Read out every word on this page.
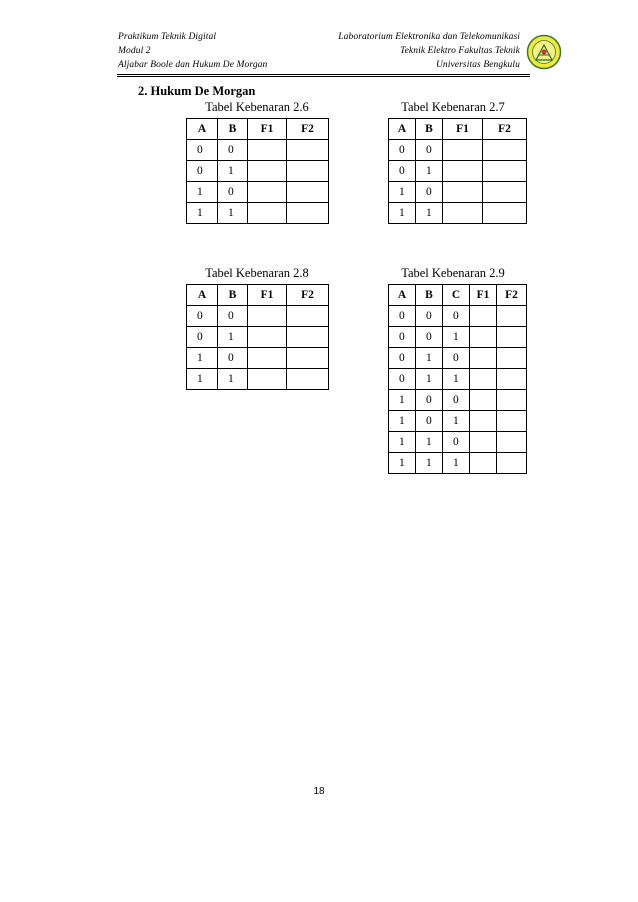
Praktikum Teknik Digital
Modul 2
Aljabar Boole dan Hukum De Morgan
Laboratorium Elektronika dan Telekomunikasi
Teknik Elektro Fakultas Teknik
Universitas Bengkulu
2. Hukum De Morgan
Tabel Kebenaran 2.6
A	B	F1	F2
0	0		
0	1		
1	0		
1	1		
Tabel Kebenaran 2.7
A	B	F1	F2
0	0		
0	1		
1	0		
1	1		
Tabel Kebenaran 2.8
A	B	F1	F2
0	0		
0	1		
1	0		
1	1		
Tabel Kebenaran 2.9
A	B	C	F1	F2
0	0	0		
0	0	1		
0	1	0		
0	1	1		
1	0	0		
1	0	1		
1	1	0		
1	1	1		
18
